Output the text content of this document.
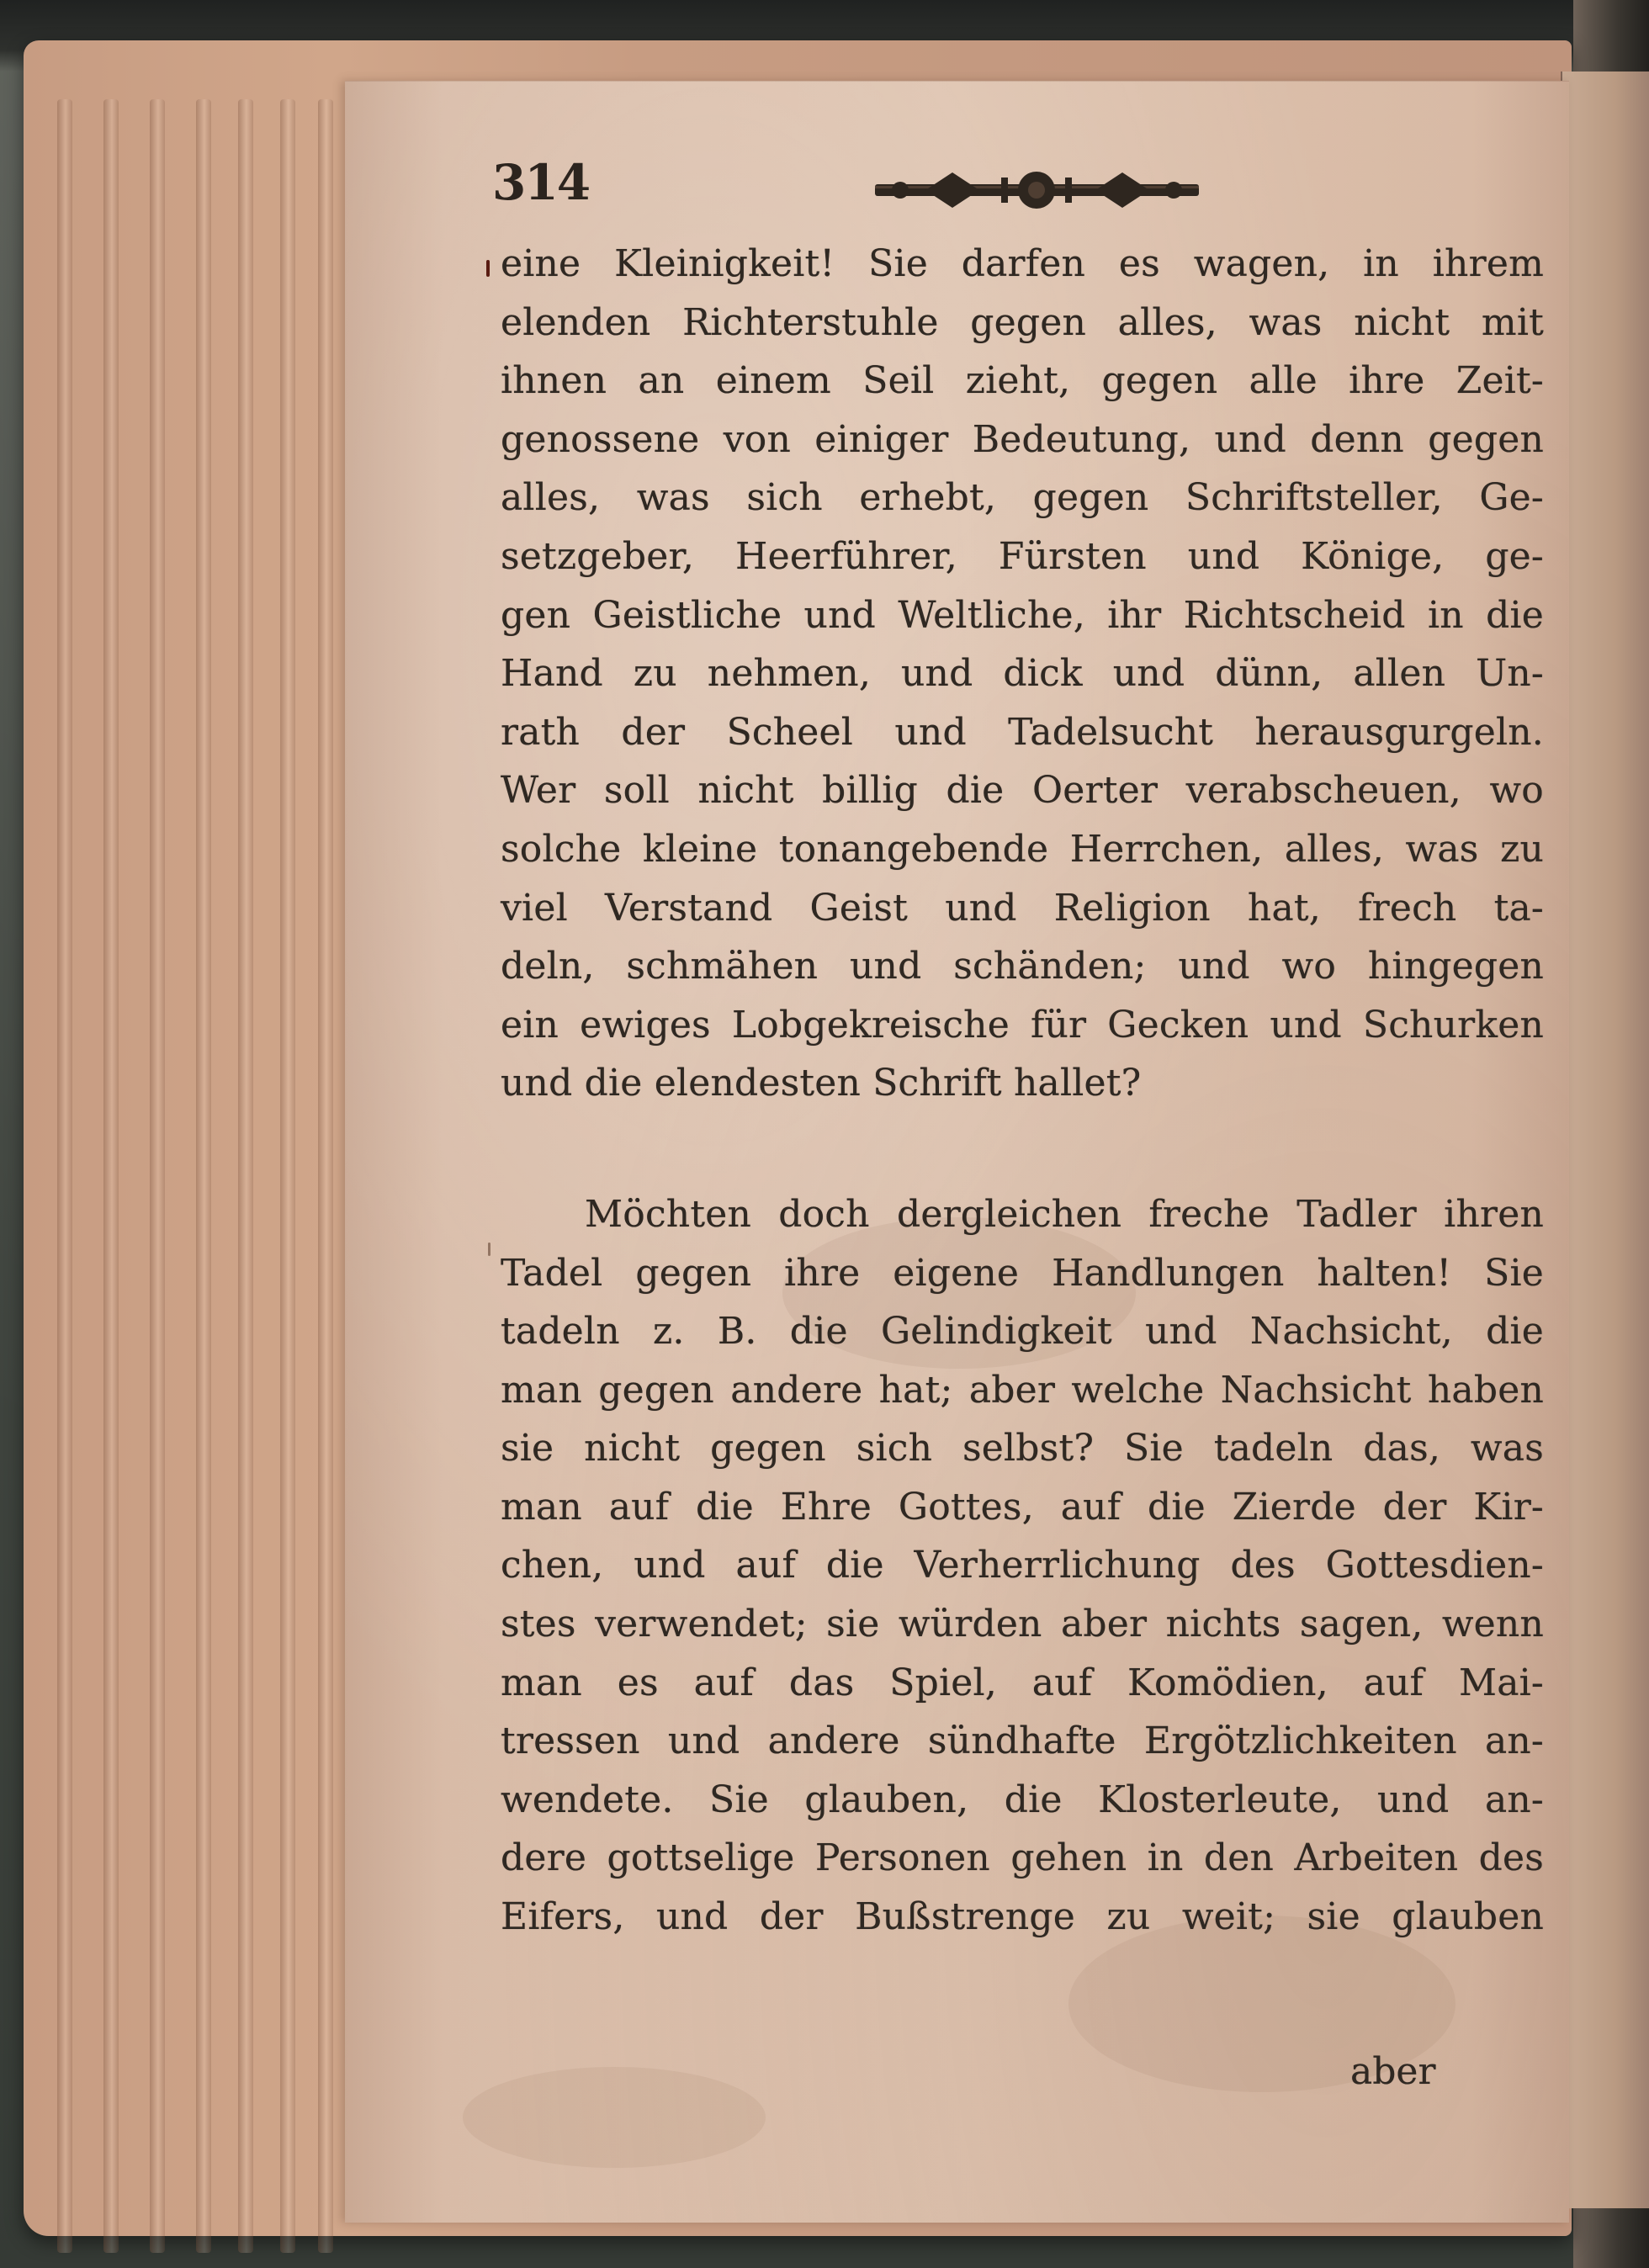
314
eine Kleinigkeit! Sie darfen es wagen, in ihrem
elenden Richterstuhle gegen alles, was nicht mit
ihnen an einem Seil zieht, gegen alle ihre Zeit-
genossene von einiger Bedeutung, und denn gegen
alles, was sich erhebt, gegen Schriftsteller, Ge-
setzgeber, Heerführer, Fürsten und Könige, ge-
gen Geistliche und Weltliche, ihr Richtscheid in die
Hand zu nehmen, und dick und dünn, allen Un-
rath der Scheel und Tadelsucht herausgurgeln.
Wer soll nicht billig die Oerter verabscheuen, wo
solche kleine tonangebende Herrchen, alles, was zu
viel Verstand Geist und Religion hat, frech ta-
deln, schmähen und schänden; und wo hingegen
ein ewiges Lobgekreische für Gecken und Schurken
und die elendesten Schrift hallet?
Möchten doch dergleichen freche Tadler ihren
Tadel gegen ihre eigene Handlungen halten! Sie
tadeln z. B. die Gelindigkeit und Nachsicht, die
man gegen andere hat; aber welche Nachsicht haben
sie nicht gegen sich selbst? Sie tadeln das, was
man auf die Ehre Gottes, auf die Zierde der Kir-
chen, und auf die Verherrlichung des Gottesdien-
stes verwendet; sie würden aber nichts sagen, wenn
man es auf das Spiel, auf Komödien, auf Mai-
tressen und andere sündhafte Ergötzlichkeiten an-
wendete. Sie glauben, die Klosterleute, und an-
dere gottselige Personen gehen in den Arbeiten des
Eifers, und der Bußstrenge zu weit; sie glauben
aber
